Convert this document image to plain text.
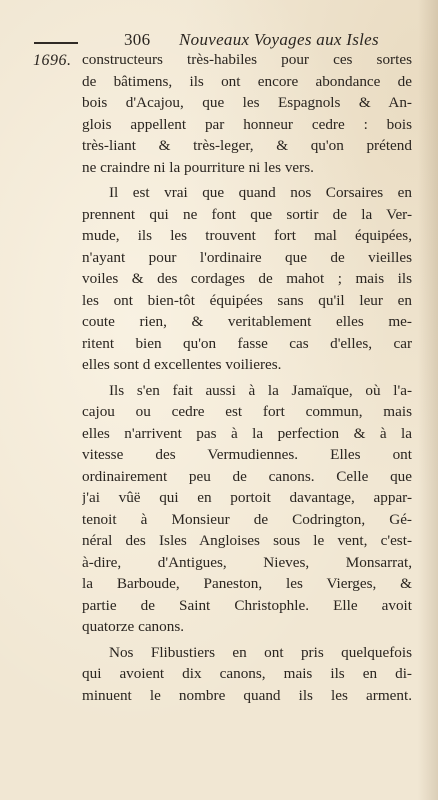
306 Nouveaux Voyages aux Isles
1696. constructeurs très-habiles pour ces sortes
de bâtimens, ils ont encore abondance de
bois d'Acajou, que les Espagnols & An-
glois appellent par honneur cedre : bois
très-liant & très-leger, & qu'on prétend
ne craindre ni la pourriture ni les vers.
Il est vrai que quand nos Corsaires en
prennent qui ne font que sortir de la Ver-
mude, ils les trouvent fort mal équipées,
n'ayant pour l'ordinaire que de vieilles
voiles & des cordages de mahot ; mais ils
les ont bien-tôt équipées sans qu'il leur en
coute rien, & veritablement elles me-
ritent bien qu'on fasse cas d'elles, car
elles sont d excellentes voilieres.
Ils s'en fait aussi à la Jamaïque, où l'a-
cajou ou cedre est fort commun, mais
elles n'arrivent pas à la perfection & à la
vitesse des Vermudiennes. Elles ont
ordinairement peu de canons. Celle que
j'ai vûë qui en portoit davantage, appar-
tenoit à Monsieur de Codrington, Gé-
néral des Isles Angloises sous le vent, c'est-
à-dire, d'Antigues, Nieves, Monsarrat,
la Barboude, Paneston, les Vierges, &
partie de Saint Christophle. Elle avoit
quatorze canons.
Nos Flibustiers en ont pris quelquefois
qui avoient dix canons, mais ils en di-
minuent le nombre quand ils les arment.
